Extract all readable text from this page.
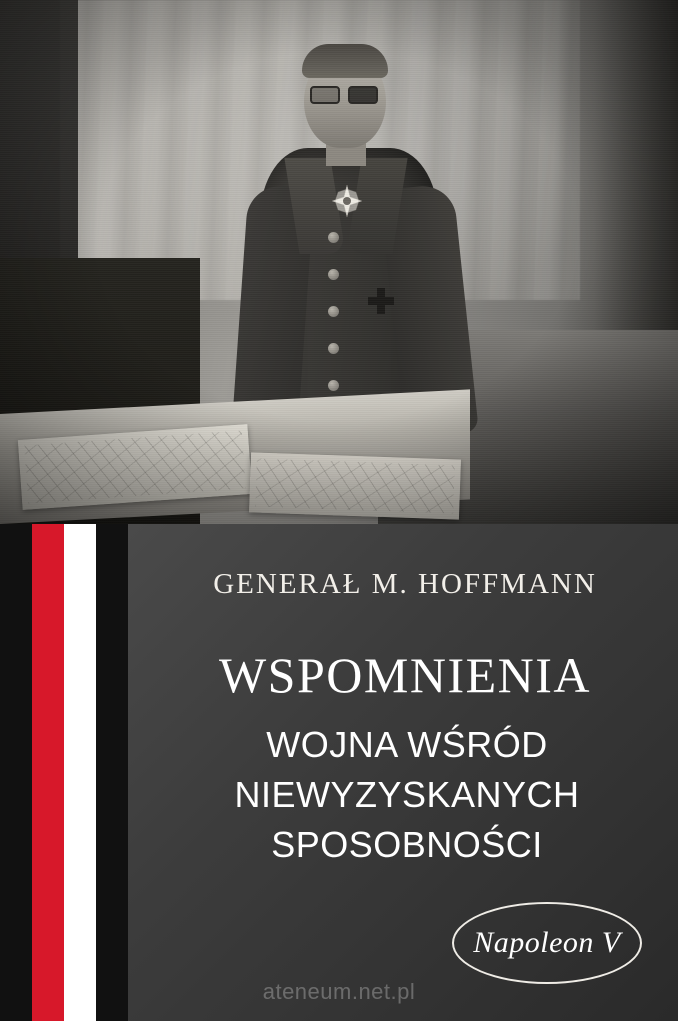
GENERAŁ M. HOFFMANN
WSPOMNIENIA
WOJNA WŚRÓD
NIEWYZYSKANYCH
SPOSOBNOŚCI
Napoleon V
ateneum.net.pl
